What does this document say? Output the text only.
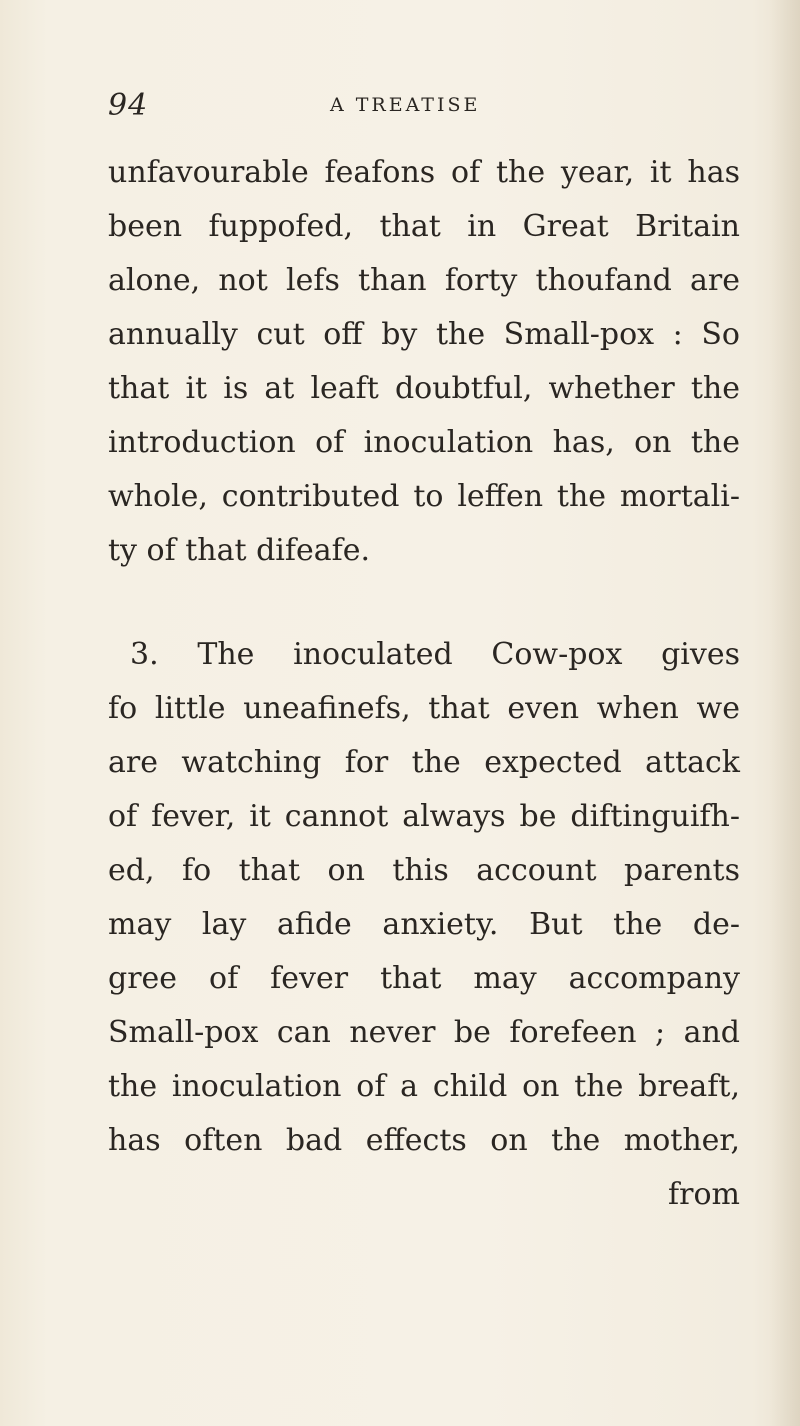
94	A TREATISE
unfavourable feafons of the year, it has
been fuppofed, that in Great Britain
alone, not lefs than forty thoufand are
annually cut off by the Small-pox : So
that it is at leaft doubtful, whether the
introduction of inoculation has, on the
whole, contributed to leffen the mortali-
ty of that difeafe.
3. The inoculated Cow-pox gives
fo little uneafinefs, that even when we
are watching for the expected attack
of fever, it cannot always be diftinguifh-
ed, fo that on this account parents
may lay afide anxiety. But the de-
gree of fever that may accompany
Small-pox can never be forefeen ; and
the inoculation of a child on the breaft,
has often bad effects on the mother,
from
